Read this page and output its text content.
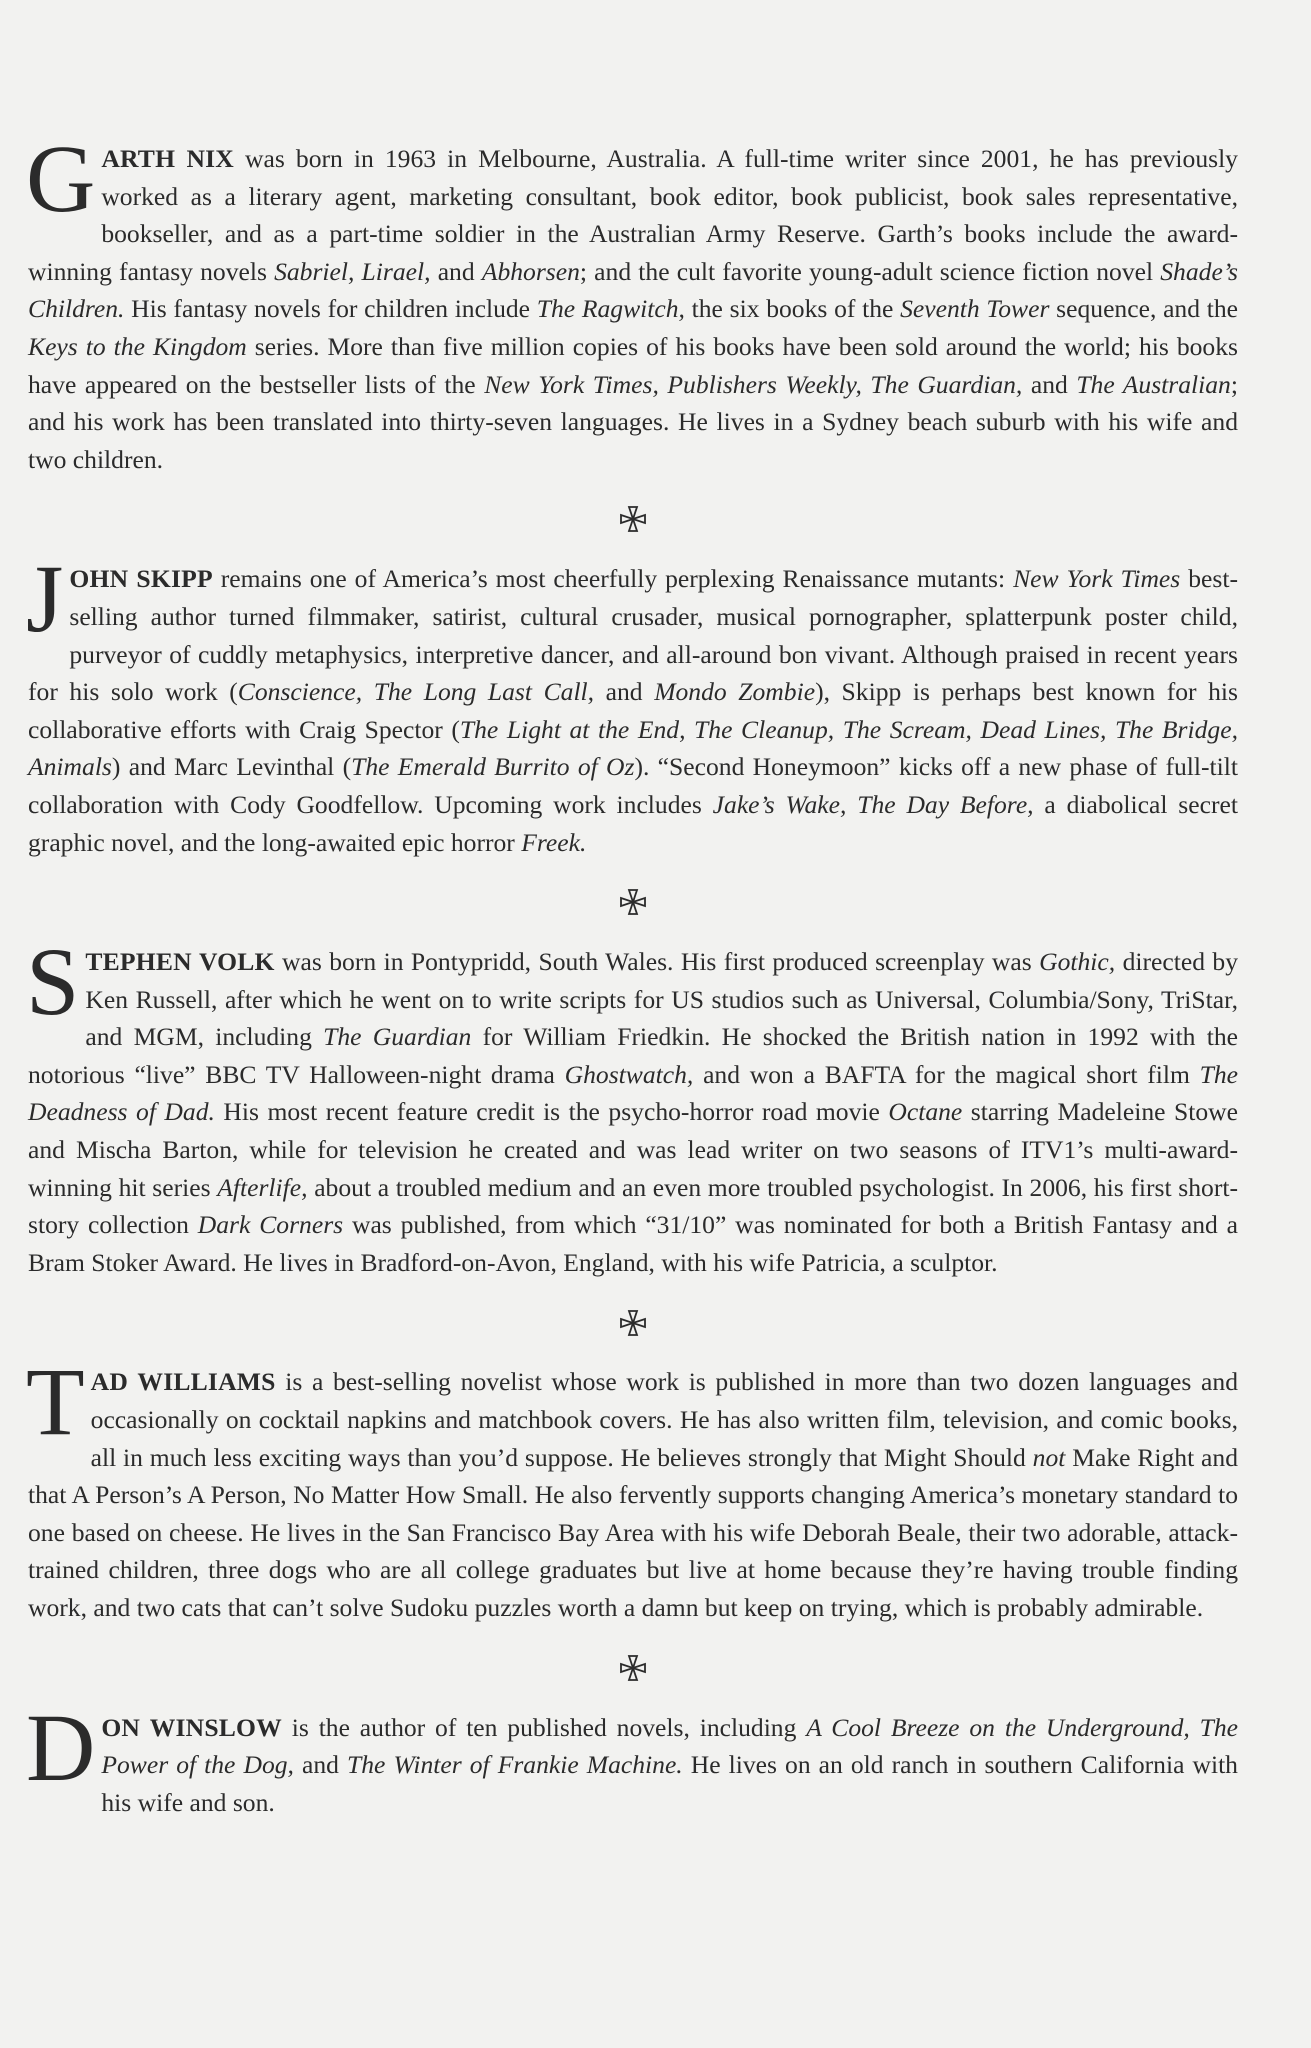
GARTH NIX was born in 1963 in Melbourne, Australia. A full-time writer since 2001, he has previously worked as a literary agent, marketing consultant, book editor, book publicist, book sales representative, bookseller, and as a part-time soldier in the Australian Army Reserve. Garth’s books include the award-winning fantasy novels Sabriel, Lirael, and Abhorsen; and the cult favorite young-adult science fiction novel Shade’s Children. His fantasy novels for children include The Ragwitch, the six books of the Seventh Tower sequence, and the Keys to the Kingdom series. More than five million copies of his books have been sold around the world; his books have appeared on the bestseller lists of the New York Times, Publishers Weekly, The Guardian, and The Australian; and his work has been translated into thirty-seven languages. He lives in a Sydney beach suburb with his wife and two children.

JOHN SKIPP remains one of America’s most cheerfully perplexing Renaissance mutants: New York Times best-selling author turned filmmaker, satirist, cultural crusader, musical pornographer, splatterpunk poster child, purveyor of cuddly metaphysics, interpretive dancer, and all-around bon vivant. Although praised in recent years for his solo work (Conscience, The Long Last Call, and Mondo Zombie), Skipp is perhaps best known for his collaborative efforts with Craig Spector (The Light at the End, The Cleanup, The Scream, Dead Lines, The Bridge, Animals) and Marc Levinthal (The Emerald Burrito of Oz). “Second Honeymoon” kicks off a new phase of full-tilt collaboration with Cody Goodfellow. Upcoming work includes Jake’s Wake, The Day Before, a diabolical secret graphic novel, and the long-awaited epic horror Freek.

STEPHEN VOLK was born in Pontypridd, South Wales. His first produced screenplay was Gothic, directed by Ken Russell, after which he went on to write scripts for US studios such as Universal, Columbia/Sony, TriStar, and MGM, including The Guardian for William Friedkin. He shocked the British nation in 1992 with the notorious “live” BBC TV Halloween-night drama Ghostwatch, and won a BAFTA for the magical short film The Deadness of Dad. His most recent feature credit is the psycho-horror road movie Octane starring Madeleine Stowe and Mischa Barton, while for television he created and was lead writer on two seasons of ITV1’s multi-award-winning hit series Afterlife, about a troubled medium and an even more troubled psychologist. In 2006, his first short-story collection Dark Corners was published, from which “31/10” was nominated for both a British Fantasy and a Bram Stoker Award. He lives in Bradford-on-Avon, England, with his wife Patricia, a sculptor.

TAD WILLIAMS is a best-selling novelist whose work is published in more than two dozen languages and occasionally on cocktail napkins and matchbook covers. He has also written film, television, and comic books, all in much less exciting ways than you’d suppose. He believes strongly that Might Should not Make Right and that A Person’s A Person, No Matter How Small. He also fervently supports changing America’s monetary standard to one based on cheese. He lives in the San Francisco Bay Area with his wife Deborah Beale, their two adorable, attack-trained children, three dogs who are all college graduates but live at home because they’re having trouble finding work, and two cats that can’t solve Sudoku puzzles worth a damn but keep on trying, which is probably admirable.

DON WINSLOW is the author of ten published novels, including A Cool Breeze on the Underground, The Power of the Dog, and The Winter of Frankie Machine. He lives on an old ranch in southern California with his wife and son.
